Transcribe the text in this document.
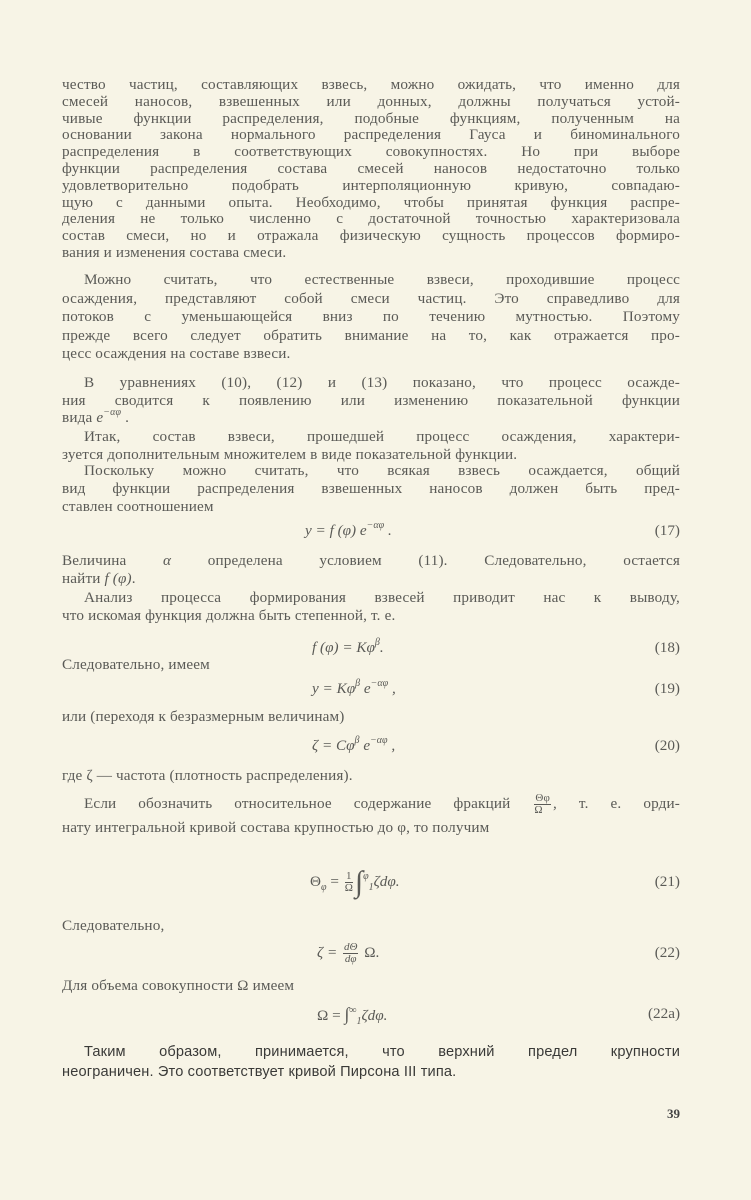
чество частиц, составляющих взвесь, можно ожидать, что именно для
смесей наносов, взвешенных или донных, должны получаться устой-
чивые функции распределения, подобные функциям, полученным на
основании закона нормального распределения Гауса и биноминального
распределения в соответствующих совокупностях. Но при выборе
функции распределения состава смесей наносов недостаточно только
удовлетворительно подобрать интерполяционную кривую, совпадаю-
щую с данными опыта. Необходимо, чтобы принятая функция распре-
деления не только численно с достаточной точностью характеризовала
состав смеси, но и отражала физическую сущность процессов формиро-
вания и изменения состава смеси.
Можно считать, что естественные взвеси, проходившие процесс
осаждения, представляют собой смеси частиц. Это справедливо для
потоков с уменьшающейся вниз по течению мутностью. Поэтому
прежде всего следует обратить внимание на то, как отражается про-
цесс осаждения на составе взвеси.
В уравнениях (10), (12) и (13) показано, что процесс осажде-
ния сводится к появлению или изменению показательной функции
вида $e^{-\alpha\varphi}$ .
Итак, состав взвеси, прошедшей процесс осаждения, характери-
зуется дополнительным множителем в виде показательной функции.
Поскольку можно считать, что всякая взвесь осаждается, общий
вид функции распределения взвешенных наносов должен быть пред-
ставлен соотношением
y = f (φ) $e^{-\alpha\varphi}$ .	(17)
Величина α определена условием (11). Следовательно, остается
найти f (φ).
Анализ процесса формирования взвесей приводит нас к выводу,
что искомая функция должна быть степенной, т. е.
f $(\varphi) = K\varphi^\beta$.	(18)
Следовательно, имеем
$y = K\varphi^\beta$ $e^{-\alpha\varphi}$ ,	(19)
или (переходя к безразмерным величинам)
$\zeta = C\varphi^\beta$ $e^{-\alpha\varphi}$ ,	(20)
где ζ — частота (плотность распределения).
Если обозначить относительное содержание фракций $\frac{\Theta\varphi}{\Omega}$ , т. е. орди-
нату интегральной кривой состава крупностью до φ, то получим
$\Theta_\varphi = \frac{1}{\Omega} \int^\varphi_1\zeta d\varphi$.	(21)
Следовательно,
$\zeta = \frac{d\Theta}{d\varphi} \Omega$.	(22)
Для объема совокупности Ω имеем
$\Omega = \int^\infty_1\zeta d\varphi$.	(22a)
Таким образом, принимается, что верхний предел крупности
неограничен. Это соответствует кривой Пирсона III типа.
39
